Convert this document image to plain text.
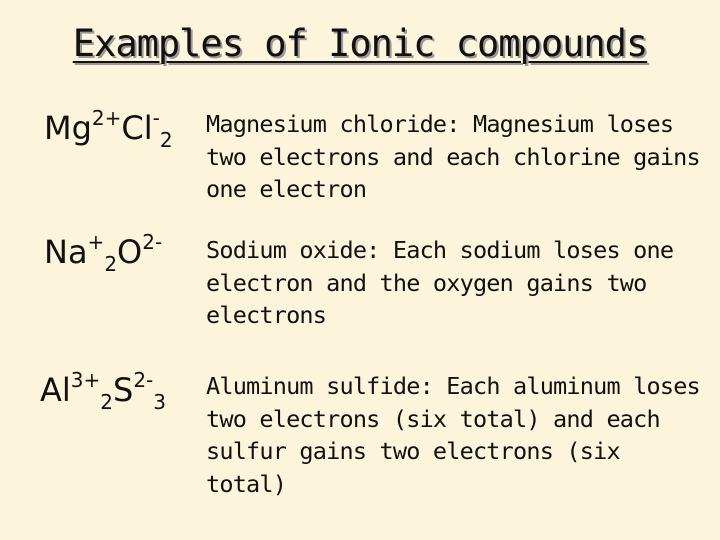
Examples of Ionic compounds
$Mg^{2+}Cl^-_2$
Magnesium chloride: Magnesium loses two electrons and each chlorine gains one electron
$Na^+_2O^{2-}$ Sodium oxide: Each sodium loses one electron and the oxygen gains two electrons
$Al^{3+}_2S^{2-}_3$
Aluminum sulfide: Each aluminum loses two electrons (six total) and each sulfur gains two electrons (six total)
